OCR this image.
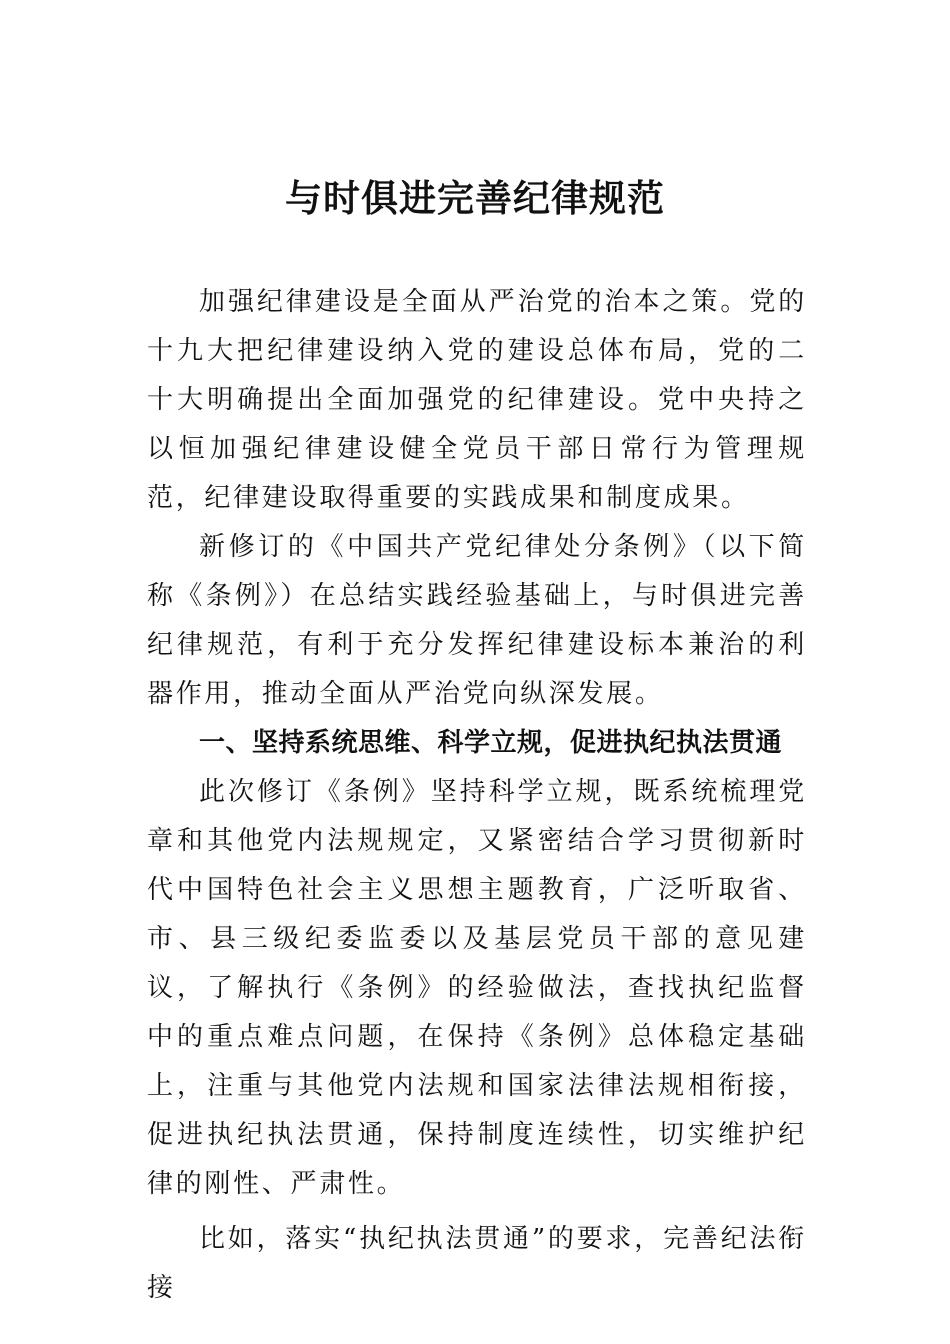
与时俱进完善纪律规范

加强纪律建设是全面从严治党的治本之策。党的十九大把纪律建设纳入党的建设总体布局，党的二十大明确提出全面加强党的纪律建设。党中央持之以恒加强纪律建设健全党员干部日常行为管理规范，纪律建设取得重要的实践成果和制度成果。

新修订的《中国共产党纪律处分条例》（以下简称《条例》）在总结实践经验基础上，与时俱进完善纪律规范，有利于充分发挥纪律建设标本兼治的利器作用，推动全面从严治党向纵深发展。

一、坚持系统思维、科学立规，促进执纪执法贯通

此次修订《条例》坚持科学立规，既系统梳理党章和其他党内法规规定，又紧密结合学习贯彻新时代中国特色社会主义思想主题教育，广泛听取省、市、县三级纪委监委以及基层党员干部的意见建议，了解执行《条例》的经验做法，查找执纪监督中的重点难点问题，在保持《条例》总体稳定基础上，注重与其他党内法规和国家法律法规相衔接，促进执纪执法贯通，保持制度连续性，切实维护纪律的刚性、严肃性。

比如，落实“执纪执法贯通”的要求，完善纪法衔接
